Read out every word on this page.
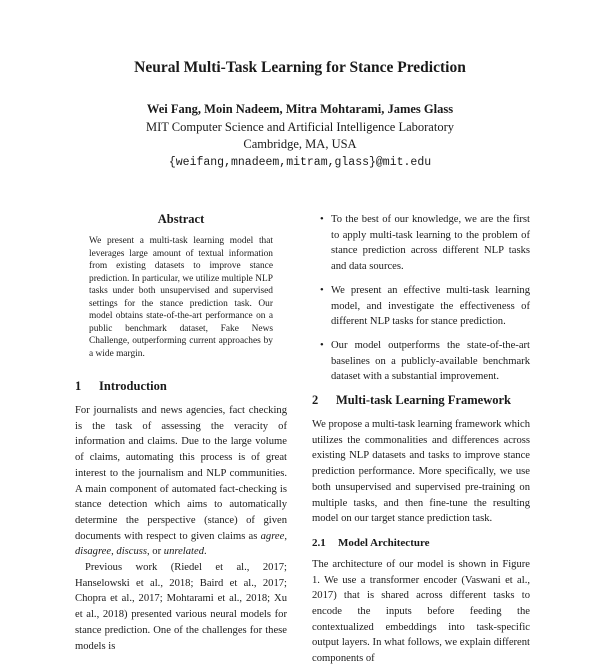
Neural Multi-Task Learning for Stance Prediction
Wei Fang, Moin Nadeem, Mitra Mohtarami, James Glass
MIT Computer Science and Artificial Intelligence Laboratory
Cambridge, MA, USA
{weifang,mnadeem,mitram,glass}@mit.edu
Abstract
We present a multi-task learning model that leverages large amount of textual information from existing datasets to improve stance prediction. In particular, we utilize multiple NLP tasks under both unsupervised and supervised settings for the stance prediction task. Our model obtains state-of-the-art performance on a public benchmark dataset, Fake News Challenge, outperforming current approaches by a wide margin.
1 Introduction

For journalists and news agencies, fact checking is the task of assessing the veracity of information and claims. Due to the large volume of claims, automating this process is of great interest to the journalism and NLP communities. A main component of automated fact-checking is stance detection which aims to automatically determine the perspective (stance) of given documents with respect to given claims as agree, disagree, discuss, or unrelated.

Previous work (Riedel et al., 2017; Hanselowski et al., 2018; Baird et al., 2017; Chopra et al., 2017; Mohtarami et al., 2018; Xu et al., 2018) presented various neural models for stance prediction. One of the challenges for these models is

• To the best of our knowledge, we are the first to apply multi-task learning to the problem of stance prediction across different NLP tasks and data sources.
• We present an effective multi-task learning model, and investigate the effectiveness of different NLP tasks for stance prediction.
• Our model outperforms the state-of-the-art baselines on a publicly-available benchmark dataset with a substantial improvement.
2 Multi-task Learning Framework

We propose a multi-task learning framework which utilizes the commonalities and differences across existing NLP datasets and tasks to improve stance prediction performance. More specifically, we use both unsupervised and supervised pre-training on multiple tasks, and then fine-tune the resulting model on our target stance prediction task.

2.1 Model Architecture

The architecture of our model is shown in Figure 1. We use a transformer encoder (Vaswani et al., 2017) that is shared across different tasks to encode the inputs before feeding the contextualized embeddings into task-specific output layers. In what follows, we explain different components of
